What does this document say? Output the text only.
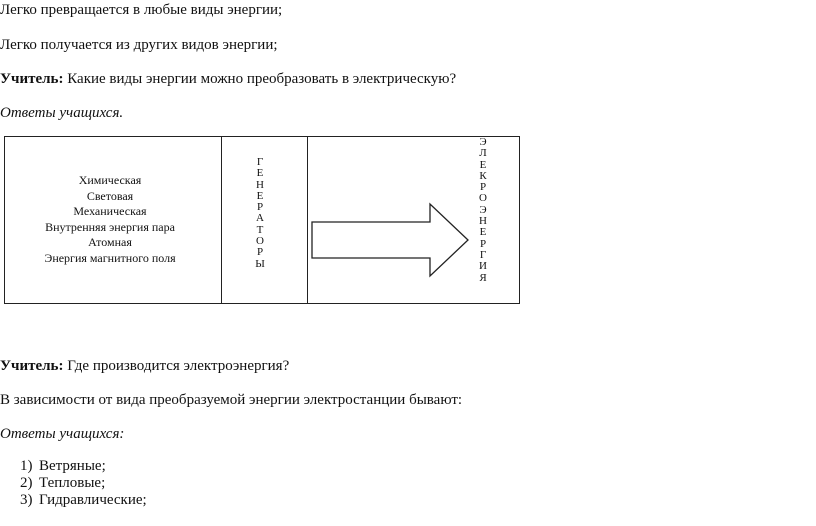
Легко превращается в любые виды энергии;
Легко получается из других видов энергии;
Учитель: Какие виды энергии можно преобразовать в электрическую?
Ответы учащихся.
Химическая
Световая
Механическая
Внутренняя энергия пара
Атомная
Энергия магнитного поля
Г
Е
Н
Е
Р
А
Т
О
Р
Ы
Э
Л
Е
К
Р
О
Э
Н
Е
Р
Г
И
Я
Учитель: Где производится электроэнергия?
В зависимости от вида преобразуемой энергии электростанции бывают:
Ответы учащихся:
1) Ветряные;
2) Тепловые;
3) Гидравлические;
